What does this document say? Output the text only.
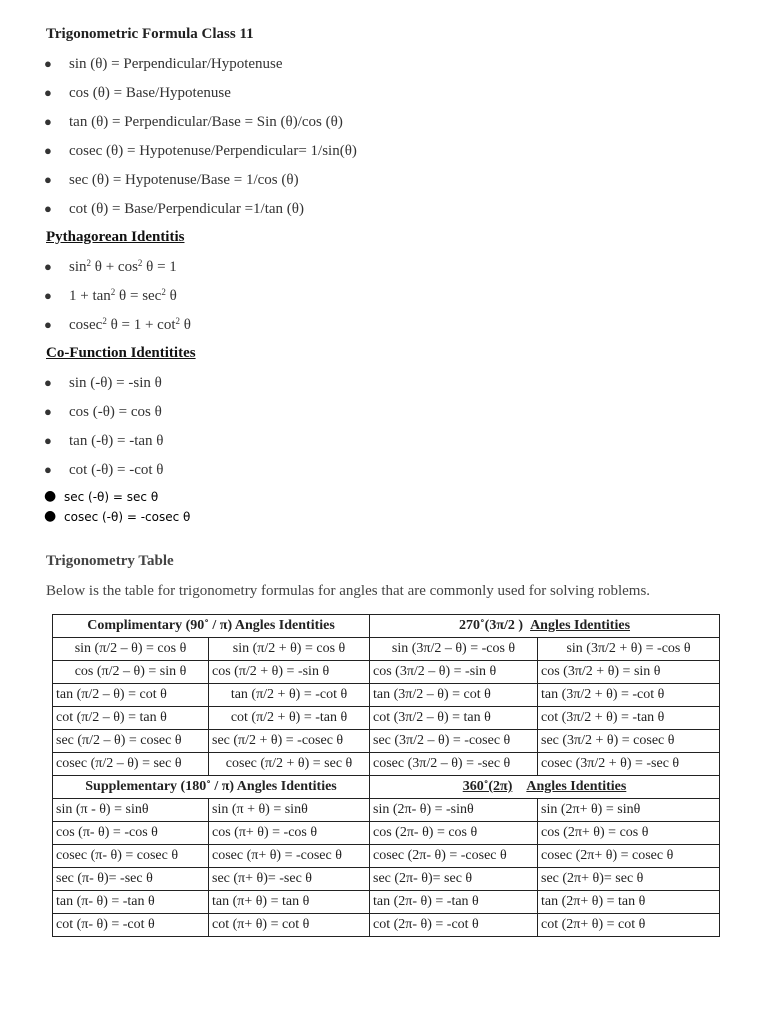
Trigonometric Formula Class 11
● sin (θ) = Perpendicular/Hypotenuse
● cos (θ) = Base/Hypotenuse
● tan (θ) = Perpendicular/Base = Sin (θ)/cos (θ)
● cosec (θ) = Hypotenuse/Perpendicular= 1/sin(θ)
● sec (θ) = Hypotenuse/Base = 1/cos (θ)
● cot (θ) = Base/Perpendicular =1/tan (θ)
Pythagorean Identitis
● $\sin^2 \theta + \cos^2 \theta = 1$
● $1 + \tan^2 \theta = \sec^2 \theta$
● cosec$^2$ $\theta = 1 + \cot^2 \theta$
Co-Function Identitites
● sin (-θ) = -sin θ
● cos (-θ) = cos θ
● tan (-θ) = -tan θ
● cot (-θ) = -cot θ
● sec (-θ) = sec θ
● cosec (-θ) = -cosec θ
Trigonometry Table
Below is the table for trigonometry formulas for angles that are commonly used for solving roblems.
Complimentary (90˚ / π) Angles Identities		270˚(3π/2 ) Angles Identities	
sin (π/2 – θ) = cos θ	sin (π/2 + θ) = cos θ	sin (3π/2 – θ) = -cos θ	sin (3π/2 + θ) = -cos θ
cos (π/2 – θ) = sin θ	cos (π/2 + θ) = -sin θ	cos (3π/2 – θ) = -sin θ	cos (3π/2 + θ) = sin θ
tan (π/2 – θ) = cot θ	tan (π/2 + θ) = -cot θ	tan (3π/2 – θ) = cot θ	tan (3π/2 + θ) = -cot θ
cot (π/2 – θ) = tan θ	cot (π/2 + θ) = -tan θ	cot (3π/2 – θ) = tan θ	cot (3π/2 + θ) = -tan θ
sec (π/2 – θ) = cosec θ	sec (π/2 + θ) = -cosec θ	sec (3π/2 – θ) = -cosec θ	sec (3π/2 + θ) = cosec θ
cosec (π/2 – θ) = sec θ	cosec (π/2 + θ) = sec θ	cosec (3π/2 – θ) = -sec θ	cosec (3π/2 + θ) = -sec θ
Supplementary (180˚ / π) Angles Identities		360˚(2π) Angles Identities	
sin (π - θ) = sinθ	sin (π + θ) = sinθ	sin (2π- θ) = -sinθ	sin (2π+ θ) = sinθ
cos (π- θ) = -cos θ	cos (π+ θ) = -cos θ	cos (2π- θ) = cos θ	cos (2π+ θ) = cos θ
cosec (π- θ) = cosec θ	cosec (π+ θ) = -cosec θ	cosec (2π- θ) = -cosec θ	cosec (2π+ θ) = cosec θ
sec (π- θ)= -sec θ	sec (π+ θ)= -sec θ	sec (2π- θ)= sec θ	sec (2π+ θ)= sec θ
tan (π- θ) = -tan θ	tan (π+ θ) = tan θ	tan (2π- θ) = -tan θ	tan (2π+ θ) = tan θ
cot (π- θ) = -cot θ	cot (π+ θ) = cot θ	cot (2π- θ) = -cot θ	cot (2π+ θ) = cot θ
